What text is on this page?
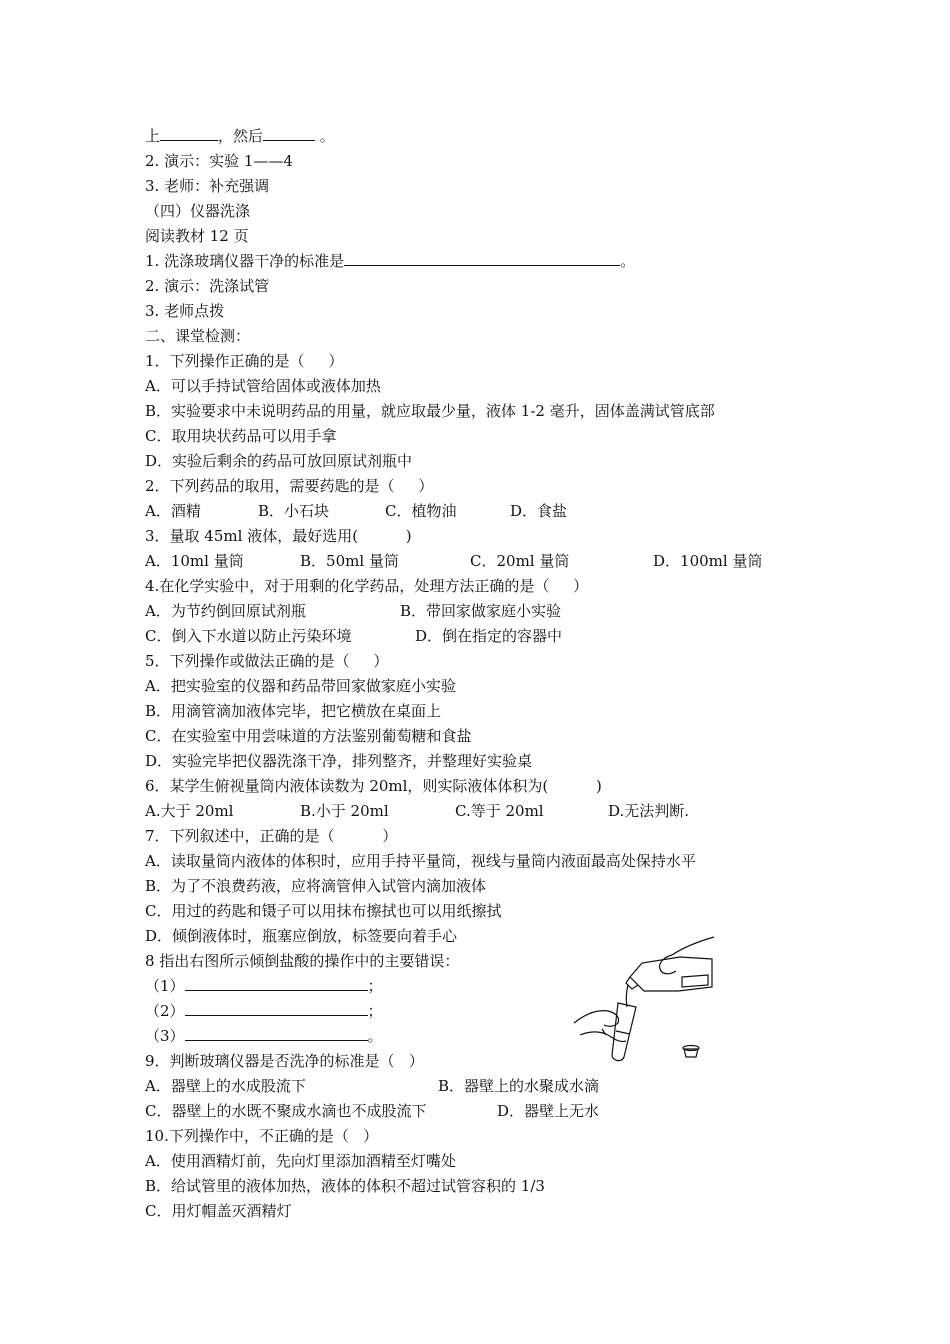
上	，然后	。
2. 演示：实验 1——4
3. 老师：补充强调
（四）仪器洗涤
阅读教材 12 页
1. 洗涤玻璃仪器干净的标准是	。
2. 演示：洗涤试管
3. 老师点拨
二、课堂检测：
1．下列操作正确的是（     ）
A．可以手持试管给固体或液体加热
B．实验要求中未说明药品的用量，就应取最少量，液体 1-2 毫升，固体盖满试管底部
C．取用块状药品可以用手拿
D．实验后剩余的药品可放回原试剂瓶中
2．下列药品的取用，需要药匙的是（     ）
A．酒精	B．小石块	C．植物油	D．食盐
3．量取 45ml 液体，最好选用(          )
A．10ml 量筒	B．50ml 量筒	C．20ml 量筒	D．100ml 量筒
4.在化学实验中，对于用剩的化学药品，处理方法正确的是（     ）
A．为节约倒回原试剂瓶	B．带回家做家庭小实验
C．倒入下水道以防止污染环境	D．倒在指定的容器中
5．下列操作或做法正确的是（     ）
A．把实验室的仪器和药品带回家做家庭小实验
B．用滴管滴加液体完毕，把它横放在桌面上
C．在实验室中用尝味道的方法鉴别葡萄糖和食盐
D．实验完毕把仪器洗涤干净，排列整齐，并整理好实验桌
6．某学生俯视量筒内液体读数为 20ml，则实际液体体积为(          )
A.大于 20ml	B.小于 20ml	C.等于 20ml	D.无法判断.
7．下列叙述中，正确的是（          ）
A．读取量筒内液体的体积时，应用手持平量筒，视线与量筒内液面最高处保持水平
B．为了不浪费药液，应将滴管伸入试管内滴加液体
C．用过的药匙和镊子可以用抹布擦拭也可以用纸擦拭
D．倾倒液体时，瓶塞应倒放，标签要向着手心
8 指出右图所示倾倒盐酸的操作中的主要错误：
（1）	；
（2）	；
（3）	。
9．判断玻璃仪器是否洗净的标准是（   ）
A．器壁上的水成股流下	B．器壁上的水聚成水滴
C．器壁上的水既不聚成水滴也不成股流下	D．器壁上无水
10.下列操作中，不正确的是（   ）
A．使用酒精灯前，先向灯里添加酒精至灯嘴处
B．给试管里的液体加热，液体的体积不超过试管容积的 1/3
C．用灯帽盖灭酒精灯
